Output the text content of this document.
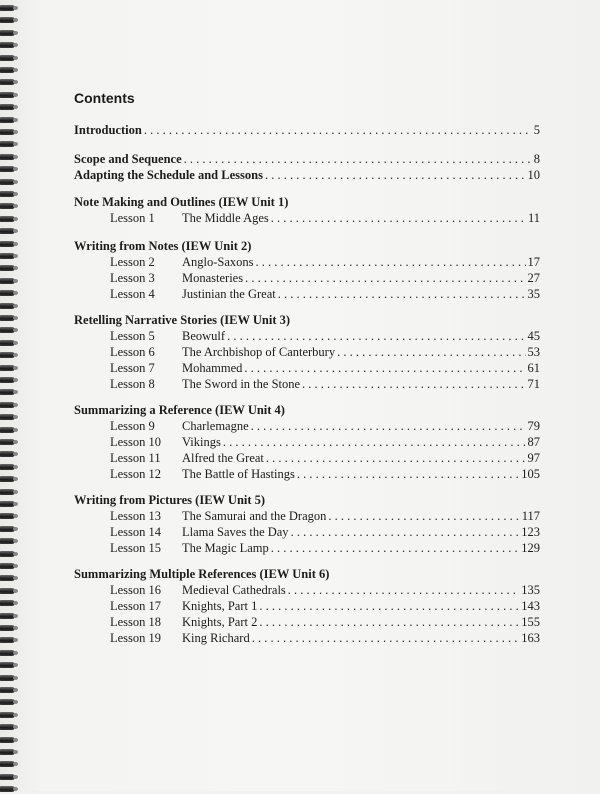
Contents
Introduction . . .	5
Scope and Sequence . . .	8
Adapting the Schedule and Lessons . . .	10
Note Making and Outlines (IEW Unit 1)
Lesson 1	The Middle Ages . . .	11
Writing from Notes (IEW Unit 2)
Lesson 2	Anglo-Saxons . . .	17
Lesson 3	Monasteries . . .	27
Lesson 4	Justinian the Great . . .	35
Retelling Narrative Stories (IEW Unit 3)
Lesson 5	Beowulf . . .	45
Lesson 6	The Archbishop of Canterbury . . .	53
Lesson 7	Mohammed . . .	61
Lesson 8	The Sword in the Stone . . .	71
Summarizing a Reference (IEW Unit 4)
Lesson 9	Charlemagne . . .	79
Lesson 10	Vikings . . .	87
Lesson 11	Alfred the Great . . .	97
Lesson 12	The Battle of Hastings . . .	105
Writing from Pictures (IEW Unit 5)
Lesson 13	The Samurai and the Dragon . . .	117
Lesson 14	Llama Saves the Day . . .	123
Lesson 15	The Magic Lamp . . .	129
Summarizing Multiple References (IEW Unit 6)
Lesson 16	Medieval Cathedrals . . .	135
Lesson 17	Knights, Part 1 . . .	143
Lesson 18	Knights, Part 2 . . .	155
Lesson 19	King Richard . . .	163
